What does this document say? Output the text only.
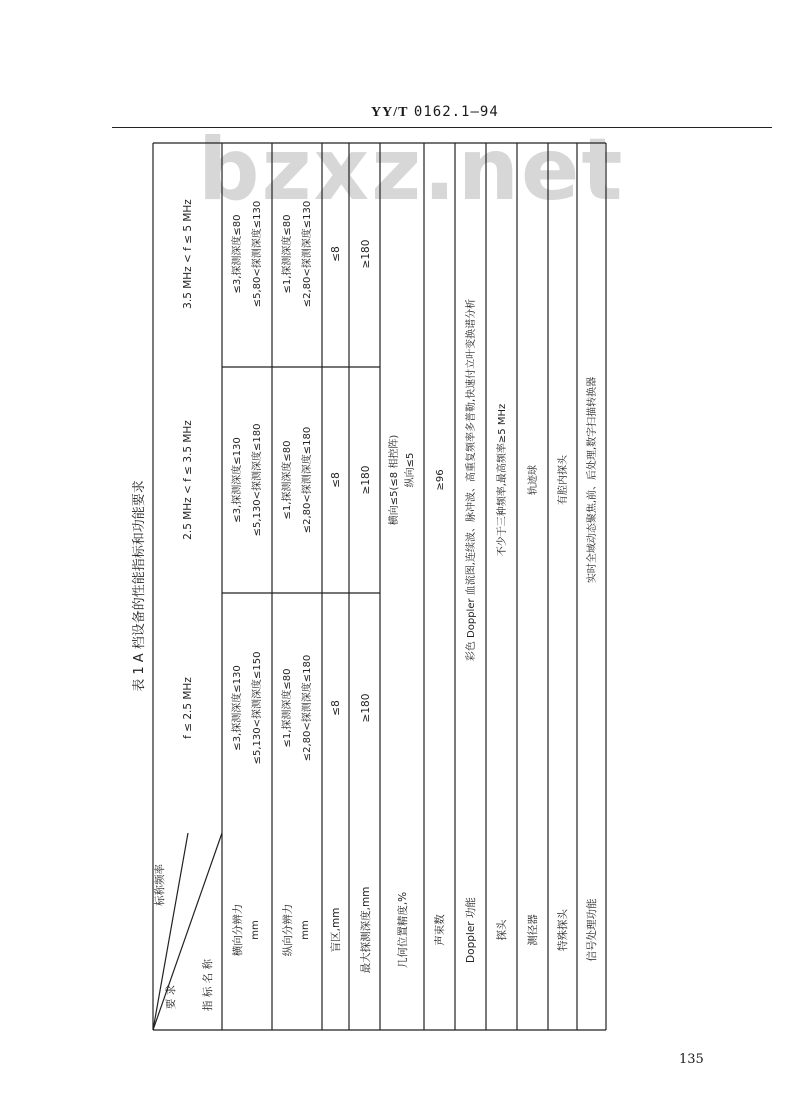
YY/T 0162.1—94
bzxz.net
表 1 A 档设备的性能指标和功能要求
标称频率
要 求 指 标 名 称
f ≤ 2.5 MHz
2.5 MHz < f ≤ 3.5 MHz
3.5 MHz < f ≤ 5 MHz
横向分辨力 mm 纵向分辨力 mm 盲区,mm 最大探测深度,mm 几何位置精度,% 声束数 Doppler 功能 探头 测径器 特殊探头 信号处理功能
≤3,探测深度≤130 ≤5,130<探测深度≤150
≤3,探测深度≤130 ≤5,130<探测深度≤180
≤3,探测深度≤80 ≤5,80<探测深度≤130
≤1,探测深度≤80 ≤2,80<探测深度≤180
≤1,探测深度≤80 ≤2,80<探测深度≤180
≤1,探测深度≤80 ≤2,80<探测深度≤130
≤8
≤8
≤8
≥180
≥180
≥180
横向≤5(≤8 相控阵) 纵向≤5 ≥96 彩色 Doppler 血流图,连续波、脉冲波、高重复频率多普勒,快速付立叶变换谱分析 不少于三种频率,最高频率≥5 MHz 轨迹球 有腔内探头 实时全域动态聚焦,前、后处理,数字扫描转换器
135
